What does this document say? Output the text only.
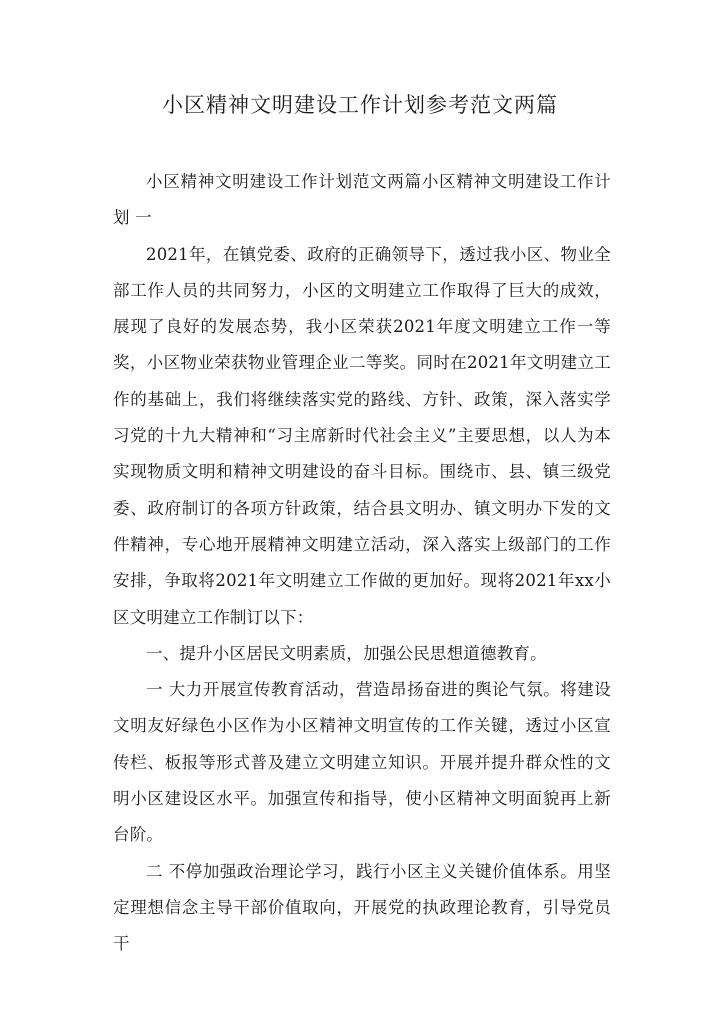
小区精神文明建设工作计划参考范文两篇

小区精神文明建设工作计划范文两篇小区精神文明建设工作计划 一

2021年，在镇党委、政府的正确领导下，透过我小区、物业全部工作人员的共同努力，小区的文明建立工作取得了巨大的成效，展现了良好的发展态势，我小区荣获2021年度文明建立工作一等奖，小区物业荣获物业管理企业二等奖。同时在2021年文明建立工作的基础上，我们将继续落实党的路线、方针、政策，深入落实学习党的十九大精神和“习主席新时代社会主义”主要思想，以人为本实现物质文明和精神文明建设的奋斗目标。围绕市、县、镇三级党委、政府制订的各项方针政策，结合县文明办、镇文明办下发的文件精神，专心地开展精神文明建立活动，深入落实上级部门的工作安排，争取将2021年文明建立工作做的更加好。现将2021年xx小区文明建立工作制订以下：

一、提升小区居民文明素质，加强公民思想道德教育。

一 大力开展宣传教育活动，营造昂扬奋进的舆论气氛。将建设文明友好绿色小区作为小区精神文明宣传的工作关键，透过小区宣传栏、板报等形式普及建立文明建立知识。开展并提升群众性的文明小区建设区水平。加强宣传和指导，使小区精神文明面貌再上新台阶。

二 不停加强政治理论学习，践行小区主义关键价值体系。用坚定理想信念主导干部价值取向，开展党的执政理论教育，引导党员干
